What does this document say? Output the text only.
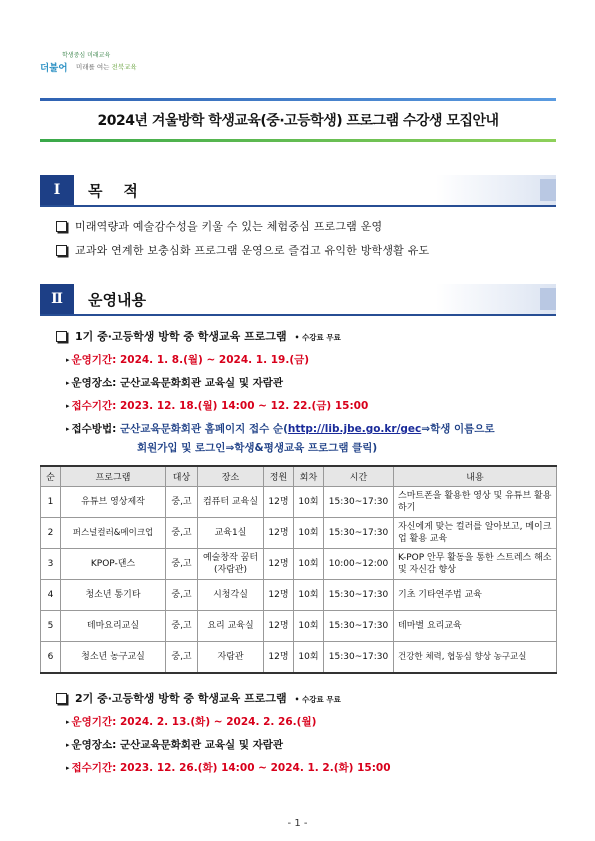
학생중심 미래교육
더불어 미래를 여는 전북교육
2024년 겨울방학 학생교육(중·고등학생) 프로그램 수강생 모집안내
Ⅰ	목    적
미래역량과 예술감수성을 키울 수 있는 체험중심 프로그램 운영
교과와 연계한 보충심화 프로그램 운영으로 즐겁고 유익한 방학생활 유도
Ⅱ	운영내용
1기 중·고등학생 방학 중 학생교육 프로그램 • 수강료 무료
▸ 운영기간: 2024. 1. 8.(월) ~ 2024. 1. 19.(금)
▸ 운영장소: 군산교육문화회관 교육실 및 자람관
▸ 접수기간: 2023. 12. 18.(월) 14:00 ~ 12. 22.(금) 15:00
▸ 접수방법: 군산교육문화회관 홈페이지 접수 순(http://lib.jbe.go.kr/gec⇒학생 이름으로
회원가입 및 로그인⇒학생&평생교육 프로그램 클릭)
순	프로그램	대상	장소	정원	회차	시간	내용
1	유튜브 영상제작	중,고	컴퓨터 교육실	12명	10회	15:30~17:30	스마트폰을 활용한 영상 및 유튜브 활용하기
2	퍼스널컬러&메이크업	중,고	교육1실	12명	10회	15:30~17:30	자신에게 맞는 컬러를 알아보고, 메이크업 활용 교육
3	KPOP-댄스	중,고	예술창작 꿈터(자람관)	12명	10회	10:00~12:00	K-POP 안무 활동을 통한 스트레스 해소 및 자신감 향상
4	청소년 통기타	중,고	시청각실	12명	10회	15:30~17:30	기초 기타연주법 교육
5	테마요리교실	중,고	요리 교육실	12명	10회	15:30~17:30	테마별 요리교육
6	청소년 농구교실	중,고	자람관	12명	10회	15:30~17:30	건강한 체력, 협동심 향상 농구교실
2기 중·고등학생 방학 중 학생교육 프로그램 • 수강료 무료
▸ 운영기간: 2024. 2. 13.(화) ~ 2024. 2. 26.(월)
▸ 운영장소: 군산교육문화회관 교육실 및 자람관
▸ 접수기간: 2023. 12. 26.(화) 14:00 ~ 2024. 1. 2.(화) 15:00
- 1 -
